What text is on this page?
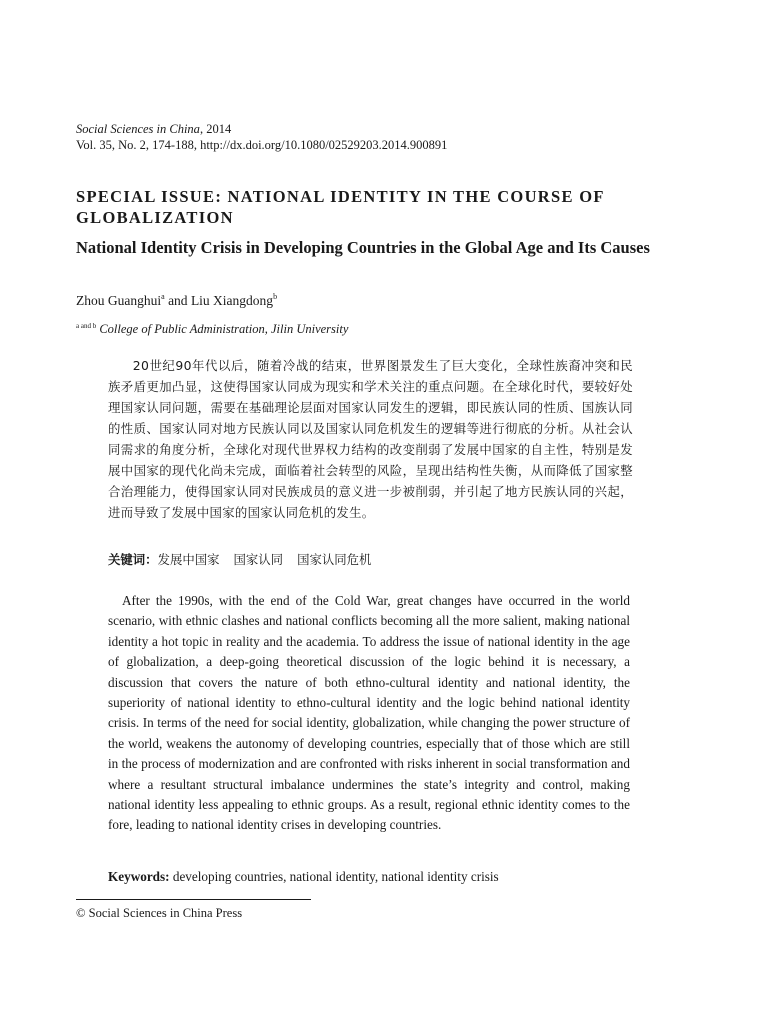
Social Sciences in China, 2014
Vol. 35, No. 2, 174-188, http://dx.doi.org/10.1080/02529203.2014.900891
SPECIAL ISSUE: NATIONAL IDENTITY IN THE COURSE OF GLOBALIZATION
National Identity Crisis in Developing Countries in the Global Age and Its Causes
Zhou Guanghui$^a$ and Liu Xiangdong$^b$
$^{a and b}$ College of Public Administration, Jilin University
20世纪90年代以后，随着冷战的结束，世界图景发生了巨大变化，全球性族裔冲突和民族矛盾更加凸显，这使得国家认同成为现实和学术关注的重点问题。在全球化时代，要较好处理国家认同问题，需要在基础理论层面对国家认同发生的逻辑，即民族认同的性质、国族认同的性质、国家认同对地方民族认同以及国家认同危机发生的逻辑等进行彻底的分析。从社会认同需求的角度分析，全球化对现代世界权力结构的改变削弱了发展中国家的自主性，特别是发展中国家的现代化尚未完成，面临着社会转型的风险，呈现出结构性失衡，从而降低了国家整合治理能力，使得国家认同对民族成员的意义进一步被削弱，并引起了地方民族认同的兴起，进而导致了发展中国家的国家认同危机的发生。
关键词：发展中国家 国家认同 国家认同危机
After the 1990s, with the end of the Cold War, great changes have occurred in the world scenario, with ethnic clashes and national conflicts becoming all the more salient, making national identity a hot topic in reality and the academia. To address the issue of national identity in the age of globalization, a deep-going theoretical discussion of the logic behind it is necessary, a discussion that covers the nature of both ethno-cultural identity and national identity, the superiority of national identity to ethno-cultural identity and the logic behind national identity crisis. In terms of the need for social identity, globalization, while changing the power structure of the world, weakens the autonomy of developing countries, especially that of those which are still in the process of modernization and are confronted with risks inherent in social transformation and where a resultant structural imbalance undermines the state’s integrity and control, making national identity less appealing to ethnic groups. As a result, regional ethnic identity comes to the fore, leading to national identity crises in developing countries.
Keywords: developing countries, national identity, national identity crisis
© Social Sciences in China Press
